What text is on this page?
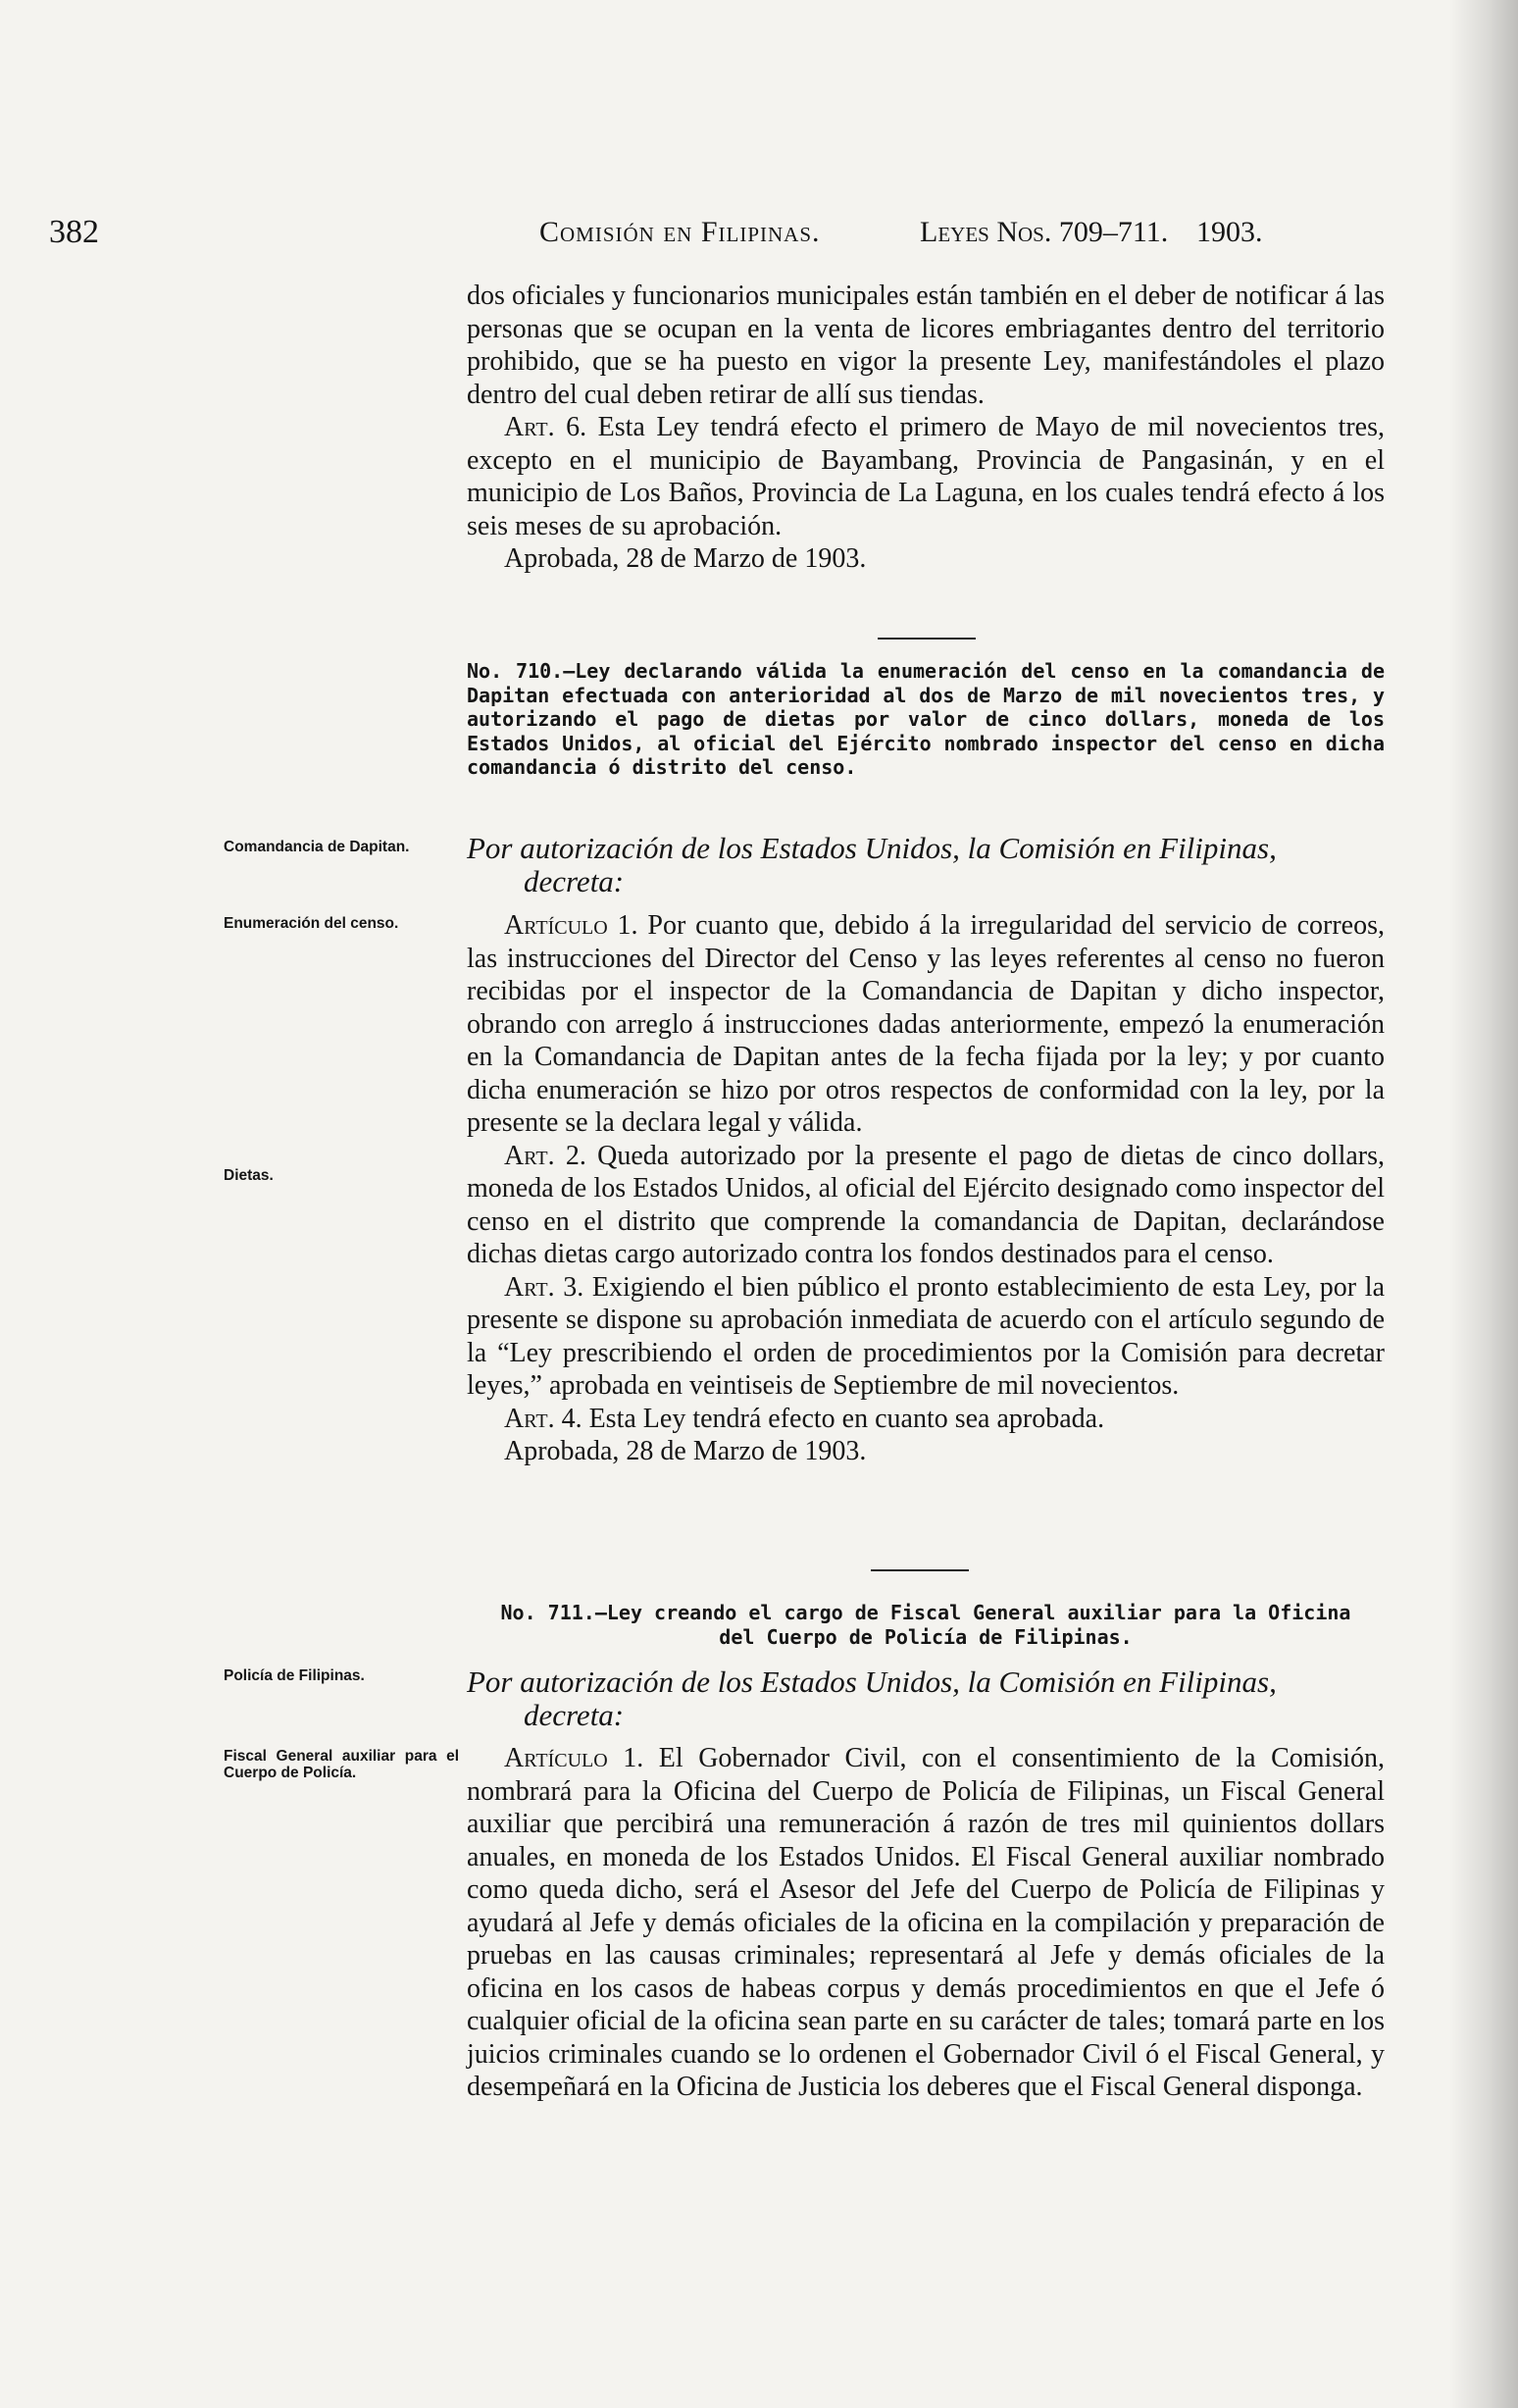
382	Comisión en Filipinas.	Leyes Nos. 709–711. 1903.

dos oficiales y funcionarios municipales están también en el deber de notificar á las personas que se ocupan en la venta de licores embriagantes dentro del territorio prohibido, que se ha puesto en vigor la presente Ley, manifestándoles el plazo dentro del cual deben retirar de allí sus tiendas.

Art. 6. Esta Ley tendrá efecto el primero de Mayo de mil novecientos tres, excepto en el municipio de Bayambang, Provincia de Pangasinán, y en el municipio de Los Baños, Provincia de La Laguna, en los cuales tendrá efecto á los seis meses de su aprobación.

Aprobada, 28 de Marzo de 1903.

No. 710.—Ley declarando válida la enumeración del censo en la comandancia de Dapitan efectuada con anterioridad al dos de Marzo de mil novecientos tres, y autorizando el pago de dietas por valor de cinco dollars, moneda de los Estados Unidos, al oficial del Ejército nombrado inspector del censo en dicha comandancia ó distrito del censo.

Comandancia de Dapitan.	Por autorización de los Estados Unidos, la Comisión en Filipinas,
decreta:
Enumeración del censo.
Dietas.

Artículo 1. Por cuanto que, debido á la irregularidad del servicio de correos, las instrucciones del Director del Censo y las leyes referentes al censo no fueron recibidas por el inspector de la Comandancia de Dapitan y dicho inspector, obrando con arreglo á instrucciones dadas anteriormente, empezó la enumeración en la Comandancia de Dapitan antes de la fecha fijada por la ley; y por cuanto dicha enumeración se hizo por otros respectos de conformidad con la ley, por la presente se la declara legal y válida.

Art. 2. Queda autorizado por la presente el pago de dietas de cinco dollars, moneda de los Estados Unidos, al oficial del Ejército designado como inspector del censo en el distrito que comprende la comandancia de Dapitan, declarándose dichas dietas cargo autorizado contra los fondos destinados para el censo.

Art. 3. Exigiendo el bien público el pronto establecimiento de esta Ley, por la presente se dispone su aprobación inmediata de acuerdo con el artículo segundo de la “Ley prescribiendo el orden de procedimientos por la Comisión para decretar leyes,” aprobada en veintiseis de Septiembre de mil novecientos.

Art. 4. Esta Ley tendrá efecto en cuanto sea aprobada.

Aprobada, 28 de Marzo de 1903.

No. 711.—Ley creando el cargo de Fiscal General auxiliar para la Oficina

del Cuerpo de Policía de Filipinas.

Policía de Filipinas.	Por autorización de los Estados Unidos, la Comisión en Filipinas,
decreta:
Fiscal General auxiliar para el Cuerpo de Policía.	Artículo 1. El Gobernador Civil, con el consentimiento de la Comisión, nombrará para la Oficina del Cuerpo de Policía de Filipinas, un Fiscal General auxiliar que percibirá una remuneración á razón de tres mil quinientos dollars anuales, en moneda de los Estados Unidos. El Fiscal General auxiliar nombrado como queda dicho, será el Asesor del Jefe del Cuerpo de Policía de Filipinas y ayudará al Jefe y demás oficiales de la oficina en la compilación y preparación de pruebas en las causas criminales; representará al Jefe y demás oficiales de la oficina en los casos de habeas corpus y demás procedimientos en que el Jefe ó cualquier oficial de la oficina sean parte en su carácter de tales; tomará parte en los juicios criminales cuando se lo ordenen el Gobernador Civil ó el Fiscal General, y desempeñará en la Oficina de Justicia los deberes que el Fiscal General disponga.
